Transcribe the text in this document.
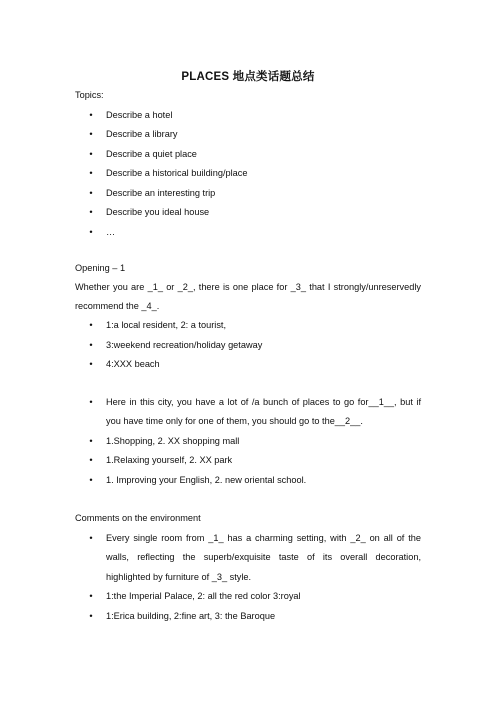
PLACES 地点类话题总结
Topics:
• Describe a hotel
• Describe a library
• Describe a quiet place
• Describe a historical building/place
• Describe an interesting trip
• Describe you ideal house
• …
Opening – 1
Whether you are _1_ or _2_, there is one place for _3_ that I strongly/unreservedly
recommend the _4_.
• 1:a local resident, 2: a tourist,
• 3:weekend recreation/holiday getaway
• 4:XXX beach
• Here in this city, you have a lot of /a bunch of places to go for__1__, but if
you have time only for one of them, you should go to the__2__.
• 1.Shopping, 2. XX shopping mall
• 1.Relaxing yourself, 2. XX park
• 1. Improving your English, 2. new oriental school.
Comments on the environment
• Every single room from _1_ has a charming setting, with _2_ on all of the
walls, reflecting the superb/exquisite taste of its overall decoration,
highlighted by furniture of _3_ style.
• 1:the Imperial Palace, 2: all the red color 3:royal
• 1:Erica building, 2:fine art, 3: the Baroque
